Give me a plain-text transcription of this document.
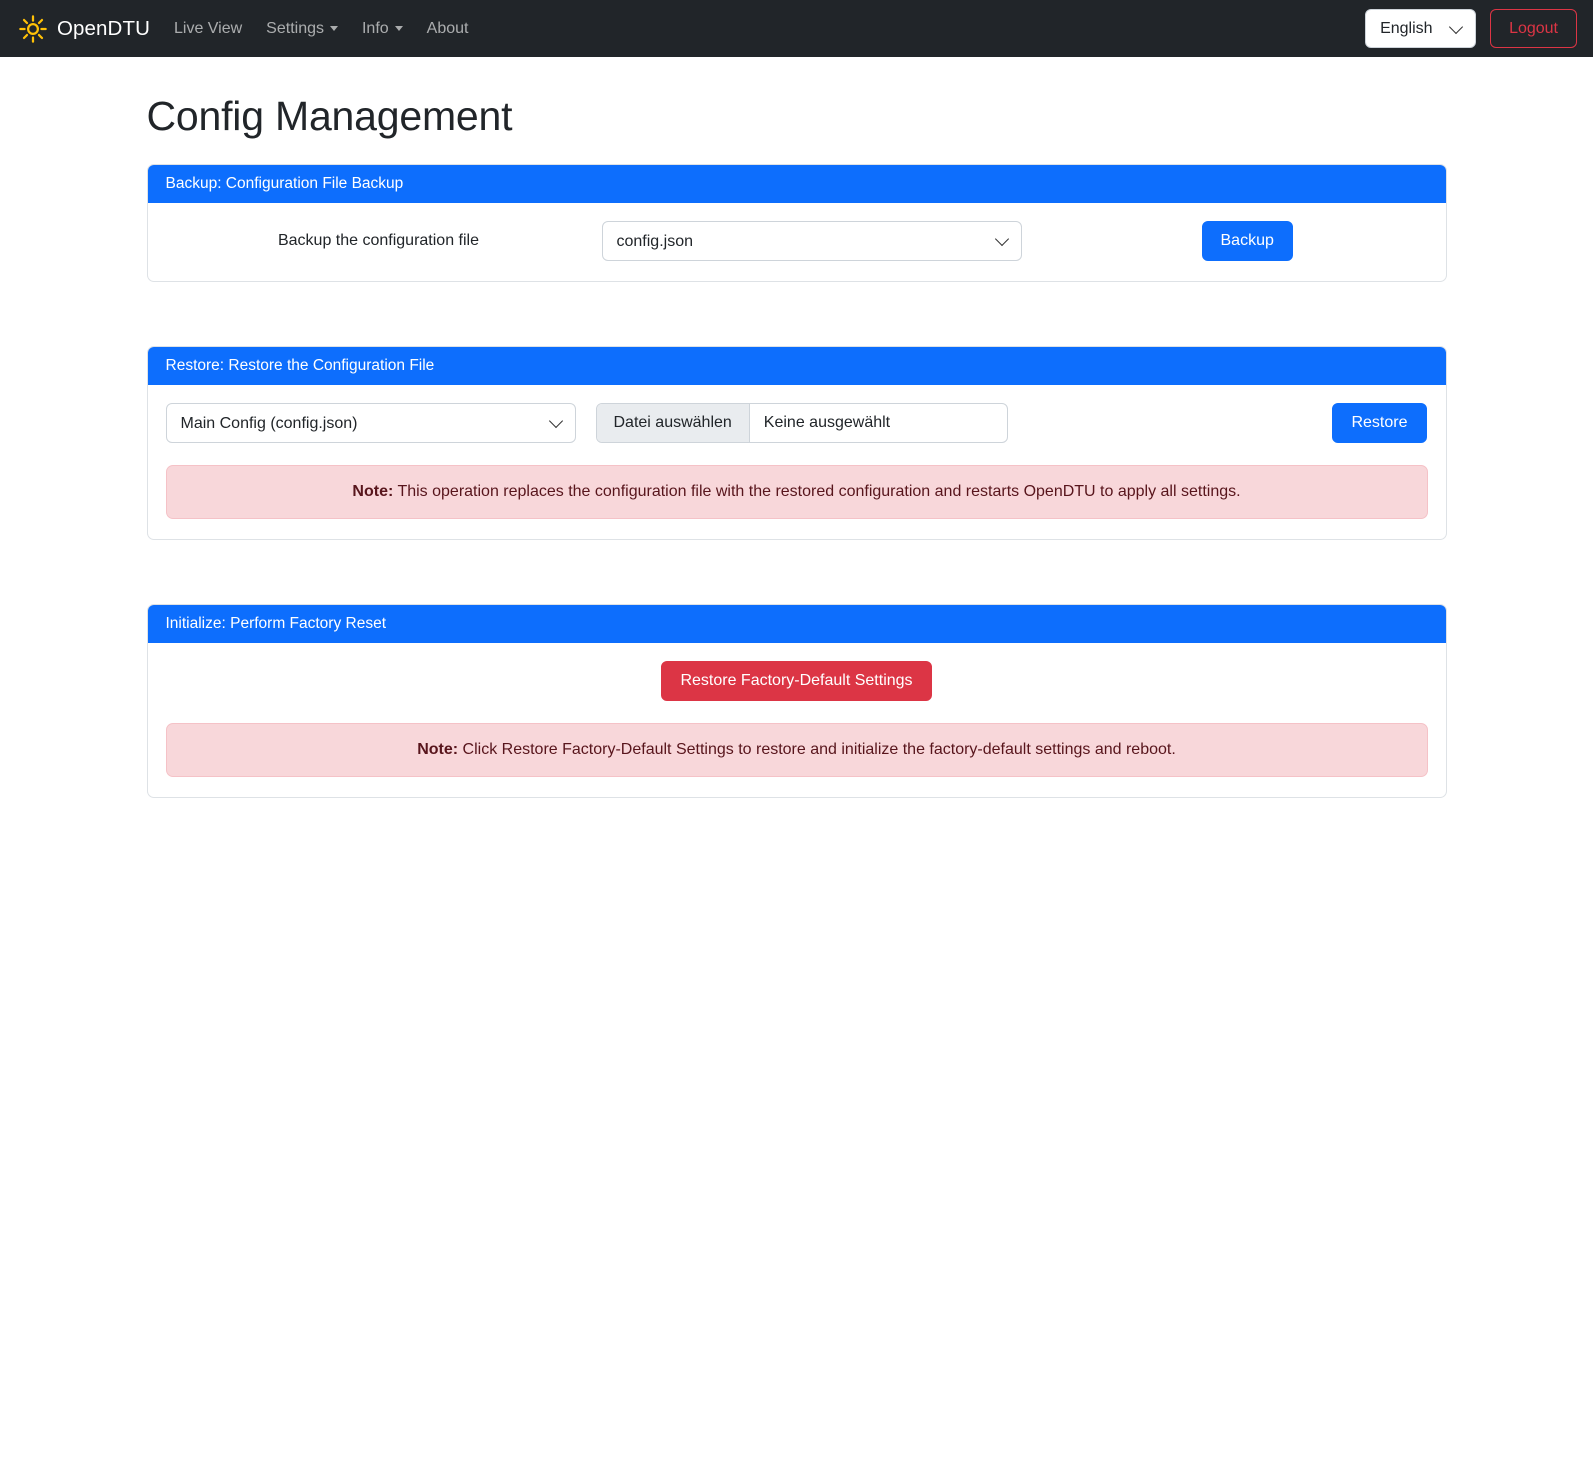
OpenDTU Live View Settings Info About
English	Logout
Config Management
Backup: Configuration File Backup
Backup the configuration file
config.json	Backup
Restore: Restore the Configuration File
Main Config (config.json)
Datei auswählen	Keine ausgewählt	Restore
Note: This operation replaces the configuration file with the restored configuration and restarts OpenDTU to apply all settings.
Initialize: Perform Factory Reset
Restore Factory-Default Settings
Note: Click Restore Factory-Default Settings to restore and initialize the factory-default settings and reboot.
